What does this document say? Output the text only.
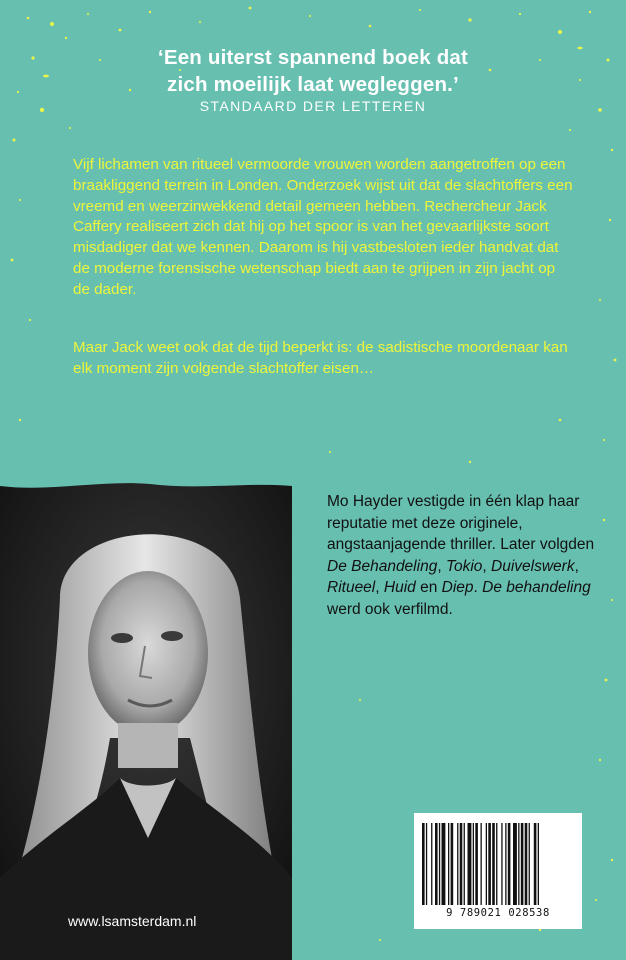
‘Een uiterst spannend boek dat
zich moeilijk laat wegleggen.’
STANDAARD DER LETTEREN

Vijf lichamen van ritueel vermoorde vrouwen worden aangetroffen op een braakliggend terrein in Londen. Onderzoek wijst uit dat de slachtoffers een vreemd en weerzinwekkend detail gemeen hebben. Rechercheur Jack Caffery realiseert zich dat hij op het spoor is van het gevaarlijkste soort misdadiger dat we kennen. Daarom is hij vastbesloten ieder handvat dat de moderne forensische wetenschap biedt aan te grijpen in zijn jacht op de dader.

Maar Jack weet ook dat de tijd beperkt is: de sadistische moordenaar kan elk moment zijn volgende slachtoffer eisen…

Mo Hayder vestigde in één klap haar reputatie met deze originele, angstaanjagende thriller. Later volgden De Behandeling, Tokio, Duivelswerk, Ritueel, Huid en Diep. De behandeling werd ook verfilmd.
9 789021 028538
www.lsamsterdam.nl
